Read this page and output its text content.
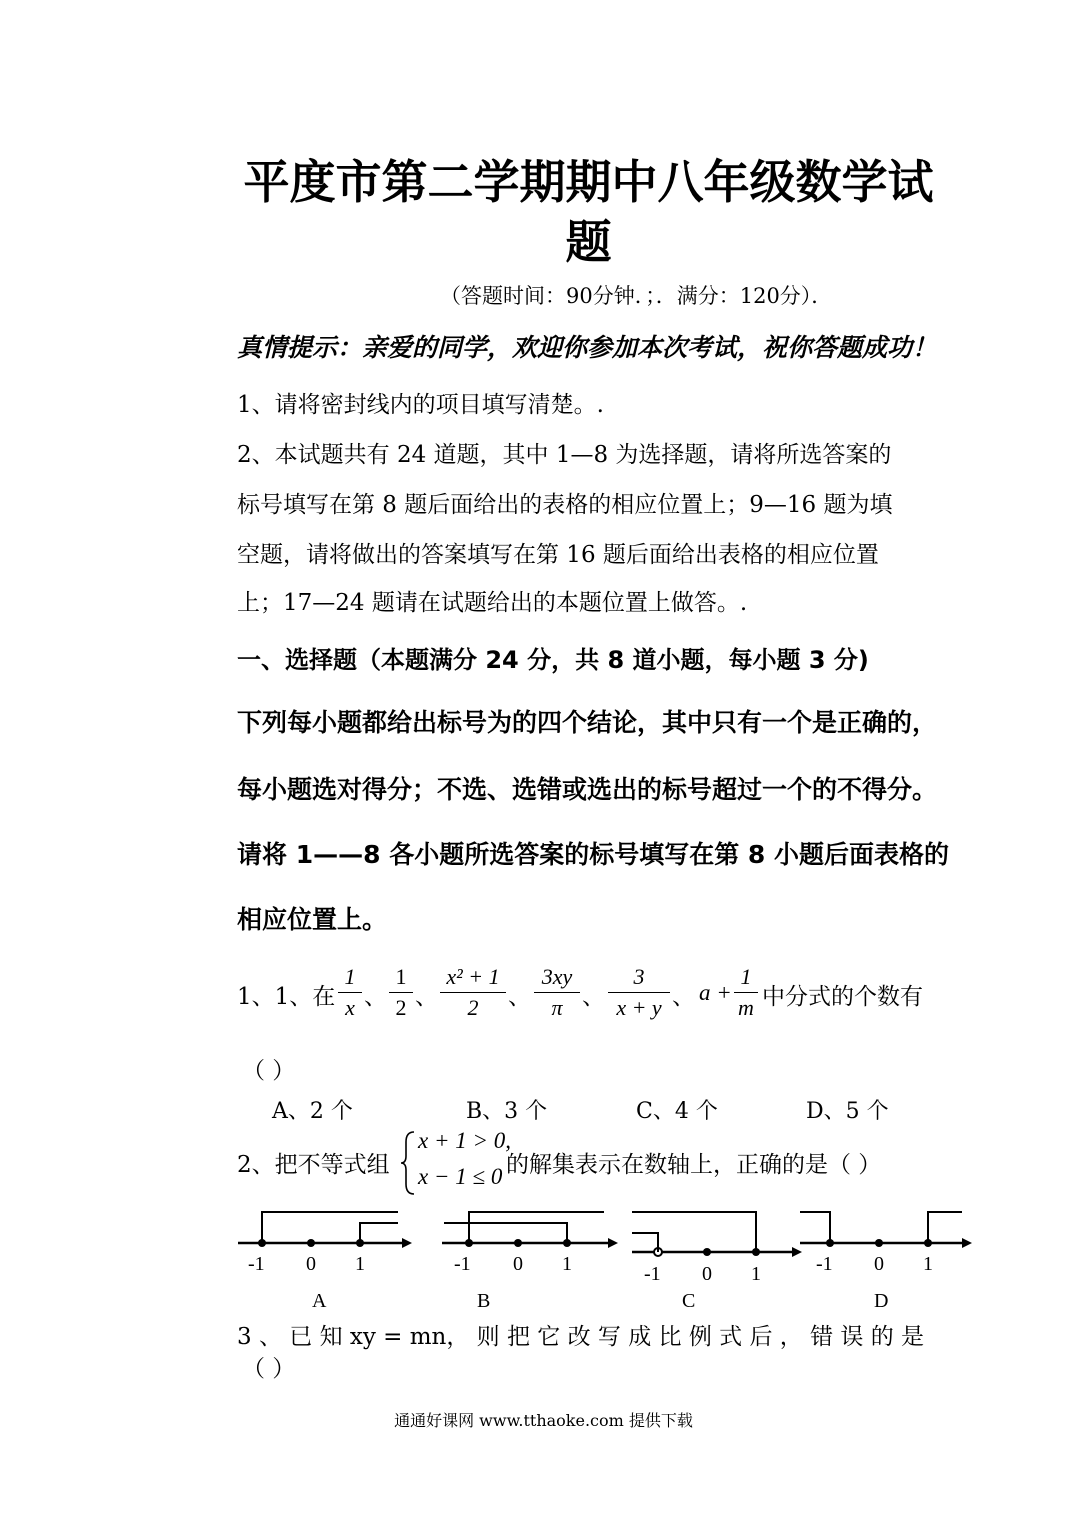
平度市第二学期期中八年级数学试
题
（答题时间：90分钟．；．满分：120分）．
真情提示：亲爱的同学，欢迎你参加本次考试，祝你答题成功！
1、请将密封线内的项目填写清楚。.
2、本试题共有 24 道题，其中 1—8 为选择题，请将所选答案的
标号填写在第 8 题后面给出的表格的相应位置上；9—16 题为填
空题，请将做出的答案填写在第 16 题后面给出表格的相应位置
上；17—24 题请在试题给出的本题位置上做答。.
一、选择题（本题满分 24 分，共 8 道小题，每小题 3 分)
下列每小题都给出标号为的四个结论，其中只有一个是正确的，
每小题选对得分；不选、选错或选出的标号超过一个的不得分。
请将 1——8 各小题所选答案的标号填写在第 8 小题后面表格的
相应位置上。
1、1、在
1
x 、
1
2 、
x² + 1
2	、
3xy
π 、
3
x + y 、 a +
1
m 中分式的个数有
（ ）
A、2 个	B、3 个	C、4 个	D、5 个
2、把不等式组
x + 1 > 0,
x − 1 ≤ 0 的解集表示在数轴上，正确的是（ ）
-1 0 1
A
-1 0 1
B
-1 0 1
C
-1 0 1
D
3 、 已 知 xy = mn， 则 把 它 改 写 成 比 例 式 后 ， 错 误 的 是
（ ）
通通好课网 www.tthaoke.com 提供下载
